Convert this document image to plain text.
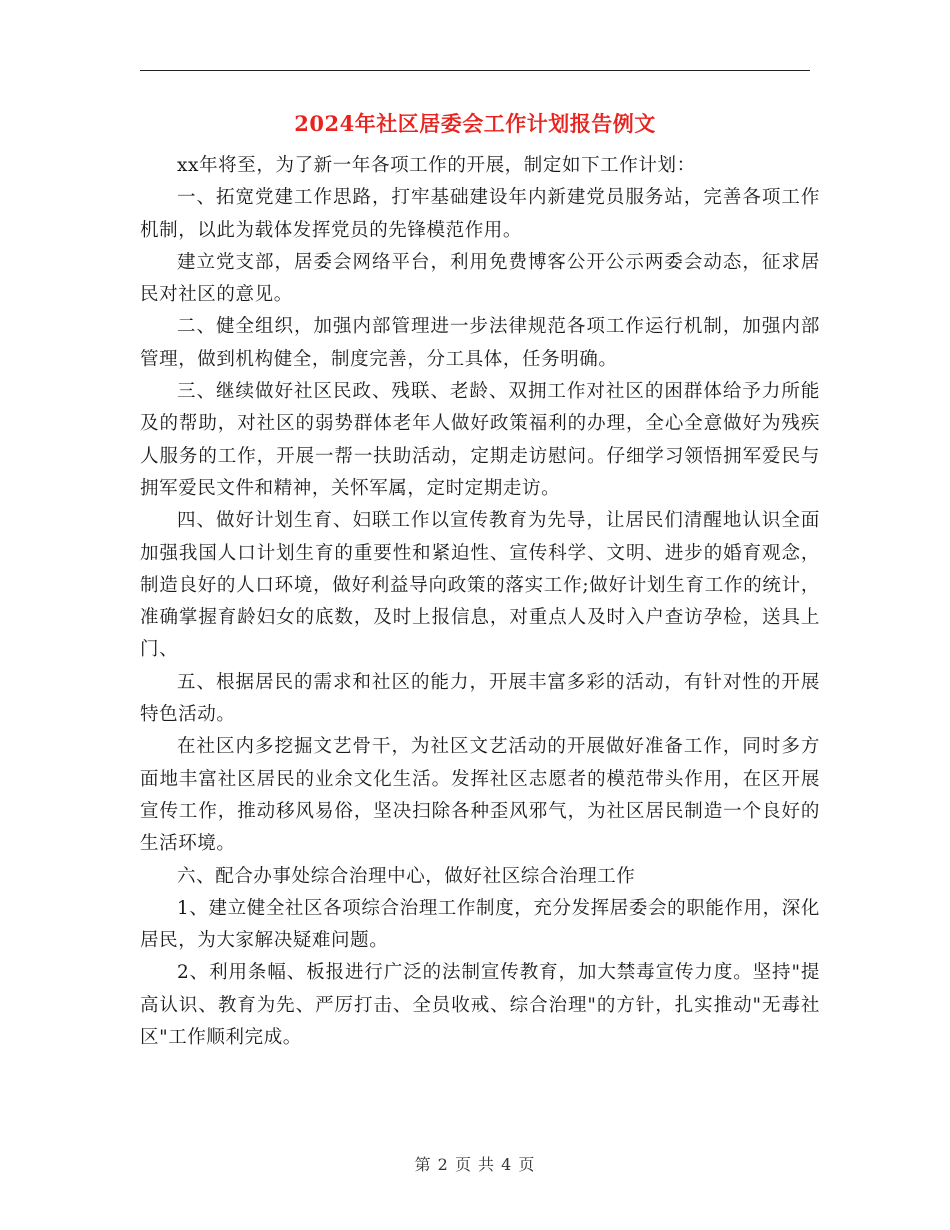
2024年社区居委会工作计划报告例文

xx年将至，为了新一年各项工作的开展，制定如下工作计划：

一、拓宽党建工作思路，打牢基础建设年内新建党员服务站，完善各项工作机制，以此为载体发挥党员的先锋模范作用。

建立党支部，居委会网络平台，利用免费博客公开公示两委会动态，征求居民对社区的意见。

二、健全组织，加强内部管理进一步法律规范各项工作运行机制，加强内部管理，做到机构健全，制度完善，分工具体，任务明确。

三、继续做好社区民政、残联、老龄、双拥工作对社区的困群体给予力所能及的帮助，对社区的弱势群体老年人做好政策福利的办理，全心全意做好为残疾人服务的工作，开展一帮一扶助活动，定期走访慰问。仔细学习领悟拥军爱民与拥军爱民文件和精神，关怀军属，定时定期走访。

四、做好计划生育、妇联工作以宣传教育为先导，让居民们清醒地认识全面加强我国人口计划生育的重要性和紧迫性、宣传科学、文明、进步的婚育观念，制造良好的人口环境，做好利益导向政策的落实工作;做好计划生育工作的统计，准确掌握育龄妇女的底数，及时上报信息，对重点人及时入户查访孕检，送具上门、

五、根据居民的需求和社区的能力，开展丰富多彩的活动，有针对性的开展特色活动。

在社区内多挖掘文艺骨干，为社区文艺活动的开展做好准备工作，同时多方面地丰富社区居民的业余文化生活。发挥社区志愿者的模范带头作用，在区开展宣传工作，推动移风易俗，坚决扫除各种歪风邪气，为社区居民制造一个良好的生活环境。

六、配合办事处综合治理中心，做好社区综合治理工作

1、建立健全社区各项综合治理工作制度，充分发挥居委会的职能作用，深化居民，为大家解决疑难问题。

2、利用条幅、板报进行广泛的法制宣传教育，加大禁毒宣传力度。坚持"提高认识、教育为先、严厉打击、全员收戒、综合治理"的方针，扎实推动"无毒社区"工作顺利完成。

第 2 页 共 4 页
